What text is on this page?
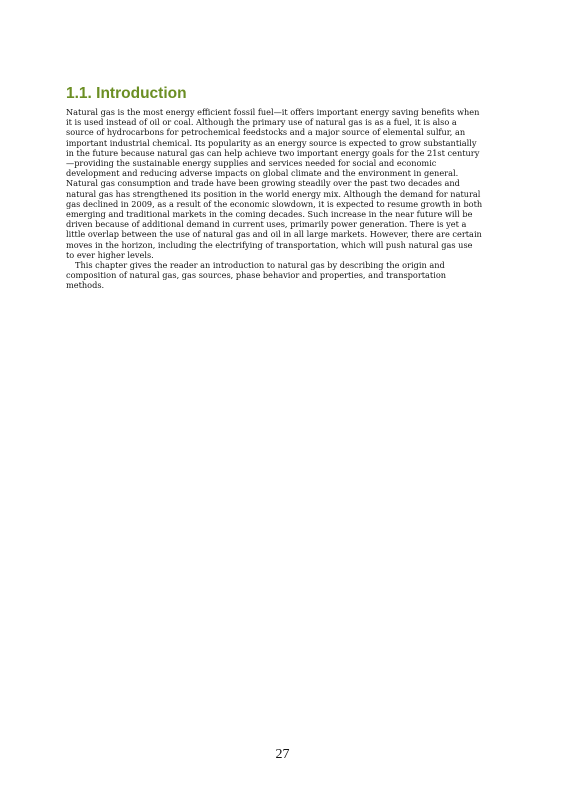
1.1. Introduction
Natural gas is the most energy efficient fossil fuel—it offers important energy saving benefits when
it is used instead of oil or coal. Although the primary use of natural gas is as a fuel, it is also a
source of hydrocarbons for petrochemical feedstocks and a major source of elemental sulfur, an
important industrial chemical. Its popularity as an energy source is expected to grow substantially
in the future because natural gas can help achieve two important energy goals for the 21st century
—providing the sustainable energy supplies and services needed for social and economic
development and reducing adverse impacts on global climate and the environment in general.
Natural gas consumption and trade have been growing steadily over the past two decades and
natural gas has strengthened its position in the world energy mix. Although the demand for natural
gas declined in 2009, as a result of the economic slowdown, it is expected to resume growth in both
emerging and traditional markets in the coming decades. Such increase in the near future will be
driven because of additional demand in current uses, primarily power generation. There is yet a
little overlap between the use of natural gas and oil in all large markets. However, there are certain
moves in the horizon, including the electrifying of transportation, which will push natural gas use
to ever higher levels.
This chapter gives the reader an introduction to natural gas by describing the origin and
composition of natural gas, gas sources, phase behavior and properties, and transportation
methods.
27
